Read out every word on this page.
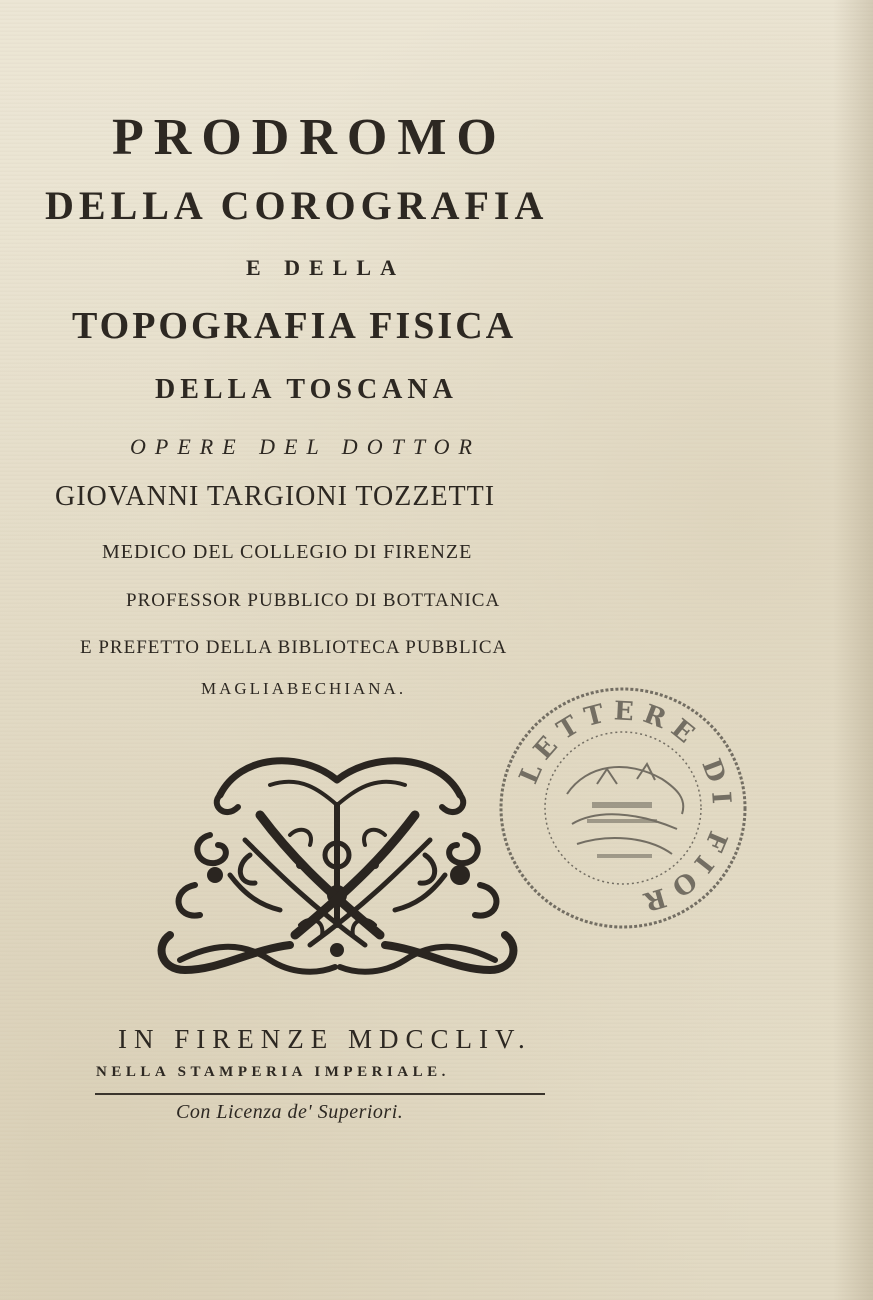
PRODROMO
DELLA COROGRAFIA
E DELLA
TOPOGRAFIA FISICA
DELLA TOSCANA
OPERE DEL DOTTOR
GIOVANNI TARGIONI TOZZETTI
MEDICO DEL COLLEGIO DI FIRENZE
PROFESSOR PUBBLICO DI BOTTANICA
E PREFETTO DELLA BIBLIOTECA PUBBLICA
MAGLIABECHIANA.
LETTERE DI FIOR
IN FIRENZE MDCCLIV.
NELLA STAMPERIA IMPERIALE.
Con Licenza de' Superiori.
